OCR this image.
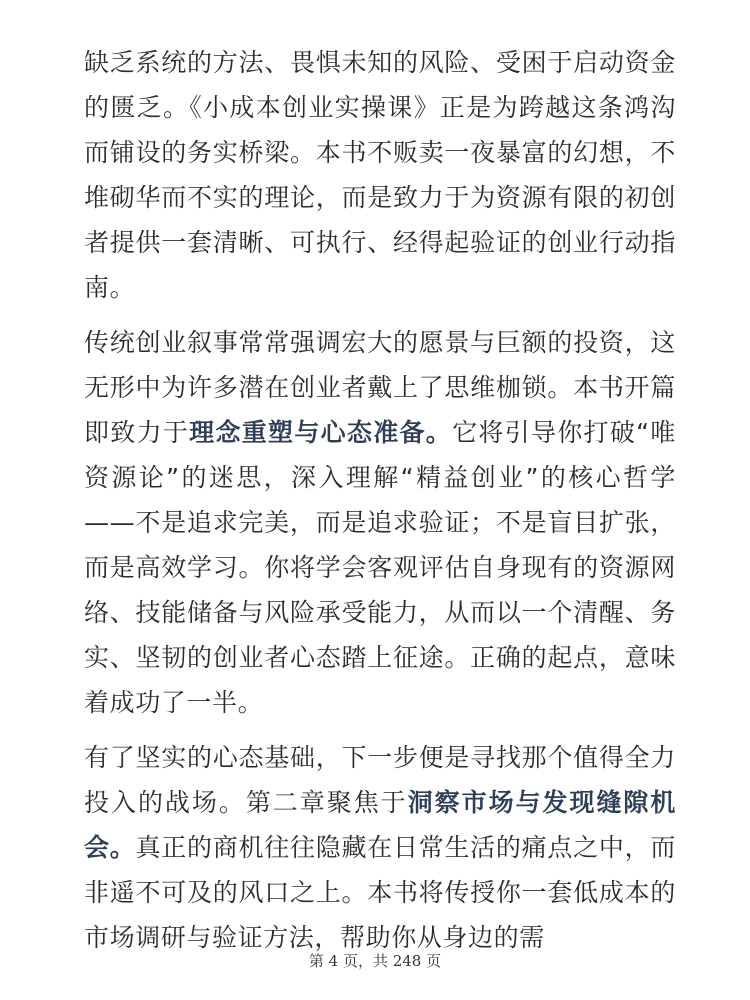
缺乏系统的方法、畏惧未知的风险、受困于启动资金的匮乏。《小成本创业实操课》正是为跨越这条鸿沟而铺设的务实桥梁。本书不贩卖一夜暴富的幻想，不堆砌华而不实的理论，而是致力于为资源有限的初创者提供一套清晰、可执行、经得起验证的创业行动指南。

传统创业叙事常常强调宏大的愿景与巨额的投资，这无形中为许多潜在创业者戴上了思维枷锁。本书开篇即致力于理念重塑与心态准备。它将引导你打破“唯资源论”的迷思，深入理解“精益创业”的核心哲学——不是追求完美，而是追求验证；不是盲目扩张，而是高效学习。你将学会客观评估自身现有的资源网络、技能储备与风险承受能力，从而以一个清醒、务实、坚韧的创业者心态踏上征途。正确的起点，意味着成功了一半。

有了坚实的心态基础，下一步便是寻找那个值得全力投入的战场。第二章聚焦于洞察市场与发现缝隙机会。真正的商机往往隐藏在日常生活的痛点之中，而非遥不可及的风口之上。本书将传授你一套低成本的市场调研与验证方法，帮助你从身边的需

第 4 页，共 248 页
